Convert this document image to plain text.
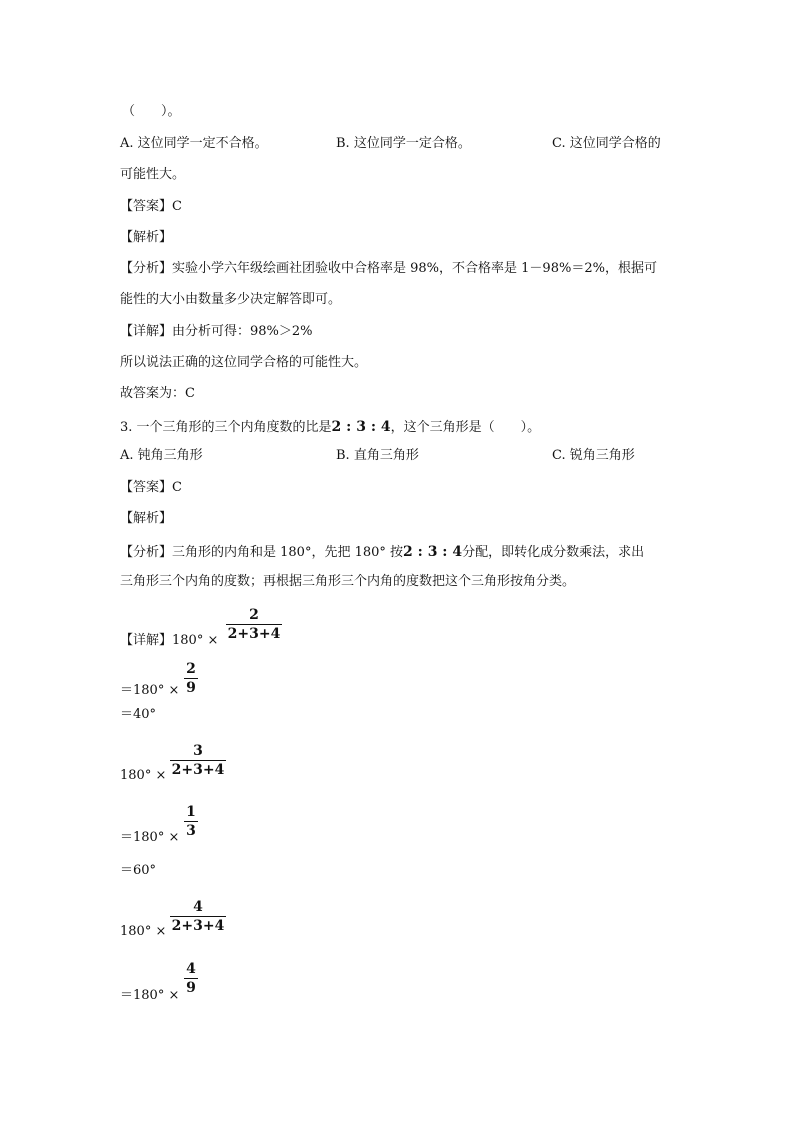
（　　）。
A. 这位同学一定不合格。	B. 这位同学一定合格。	C. 这位同学合格的
可能性大。
【答案】C
【解析】
【分析】实验小学六年级绘画社团验收中合格率是 98%，不合格率是 1－98%＝2%，根据可
能性的大小由数量多少决定解答即可。
【详解】由分析可得：98%＞2%
所以说法正确的这位同学合格的可能性大。
故答案为：C
3. 一个三角形的三个内角度数的比是2 : 3 : 4，这个三角形是（　　）。
A. 钝角三角形	B. 直角三角形	C. 锐角三角形
【答案】C
【解析】
【分析】三角形的内角和是 180°，先把 180° 按2 : 3 : 4分配，即转化成分数乘法，求出
三角形三个内角的度数；再根据三角形三个内角的度数把这个三角形按角分类。
【详解】180° ×
2
2+3+4
＝180° ×
2
9
＝40°
180° ×
3
2+3+4
＝180° ×
1
3
＝60°
180° ×
4
2+3+4
＝180° ×
4
9
